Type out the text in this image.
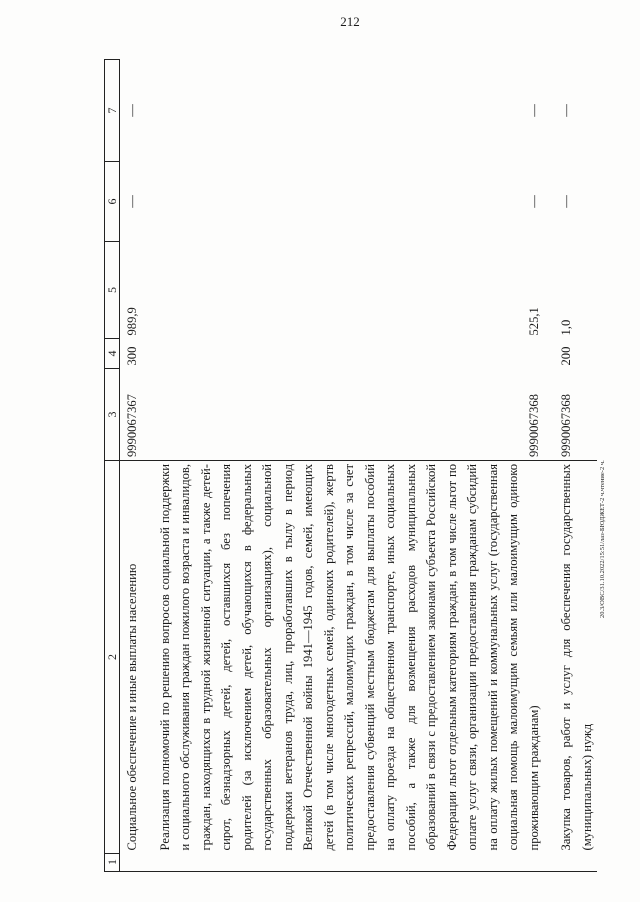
212
20.3/OBC/31.10.2022/15:51/лаз-БЮДЖЕТ-2 ч.чтение-2 ч.
1	2	3	4	5	6	7
	Социальное обеспечение и иные выплаты населению	9990067367	300	989,9	—	—

	Реализация полномочий по решению вопросов социальной поддержки и социального обслуживания граждан пожилого возраста и инвалидов, граждан, находящихся в трудной жизненной ситуации, а также детей-сирот, безнадзорных детей, детей, оставшихся без попечения родителей (за исключением детей, обучающихся в федеральных государственных образовательных организациях), социальной поддержки ветеранов труда, лиц, проработавших в тылу в период Великой Отечественной войны 1941—1945 годов, семей, имеющих детей (в том числе многодетных семей, одиноких родителей), жертв политических репрессий, малоимущих граждан, в том числе за счет предоставления субвенций местным бюджетам для выплаты пособий на оплату проезда на общественном транспорте, иных социальных пособий, а также для возмещения расходов муниципальных образований в связи с предоставлением законами субъекта Российской Федерации льгот отдельным категориям граждан, в том числе льгот по оплате услуг связи, организации предоставления гражданам субсидий на оплату жилых помещений и коммунальных услуг (государственная социальная помощь малоимущим семьям или малоимущим одиноко проживающим гражданам)	9990067368		525,1	—	—

	Закупка товаров, работ и услуг для обеспечения государственных (муниципальных) нужд	9990067368	200	1,0	—	—
